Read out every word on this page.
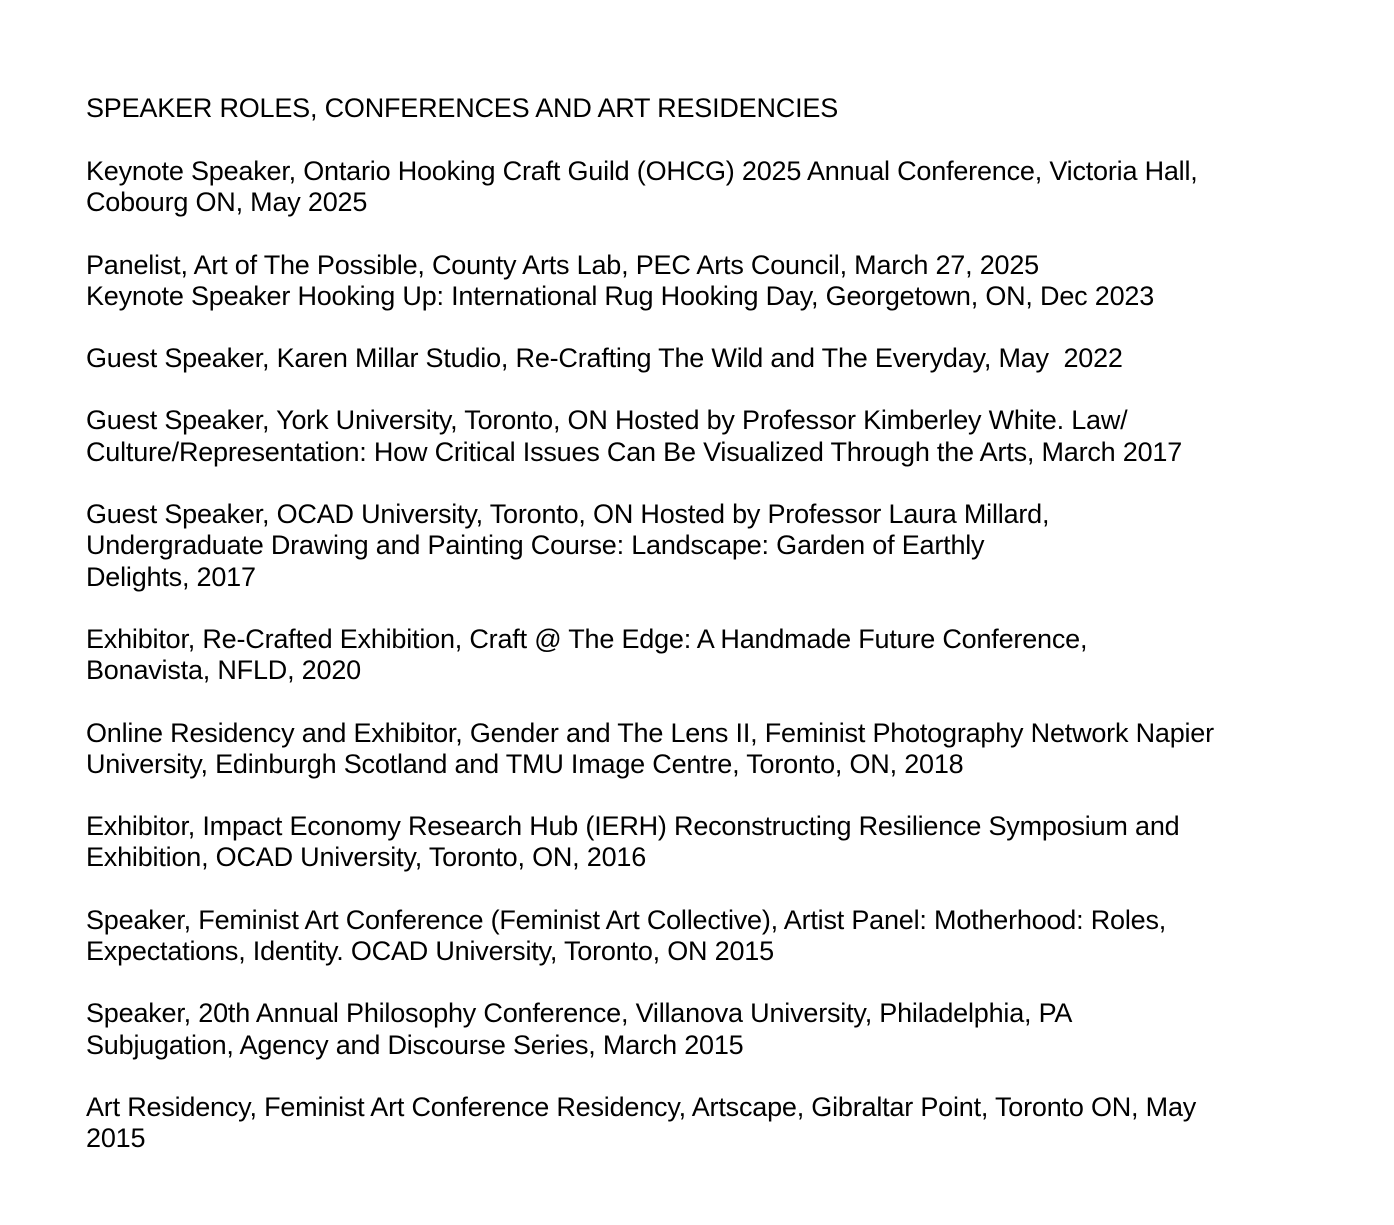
SPEAKER ROLES, CONFERENCES AND ART RESIDENCIES
Keynote Speaker, Ontario Hooking Craft Guild (OHCG) 2025 Annual Conference, Victoria Hall,
Cobourg ON, May 2025
Panelist, Art of The Possible, County Arts Lab, PEC Arts Council, March 27, 2025
Keynote Speaker Hooking Up: International Rug Hooking Day, Georgetown, ON, Dec 2023
Guest Speaker, Karen Millar Studio, Re-Crafting The Wild and The Everyday, May  2022
Guest Speaker, York University, Toronto, ON Hosted by Professor Kimberley White. Law/
Culture/Representation: How Critical Issues Can Be Visualized Through the Arts, March 2017
Guest Speaker, OCAD University, Toronto, ON Hosted by Professor Laura Millard,
Undergraduate Drawing and Painting Course: Landscape: Garden of Earthly
Delights, 2017
Exhibitor, Re-Crafted Exhibition, Craft @ The Edge: A Handmade Future Conference,
Bonavista, NFLD, 2020
Online Residency and Exhibitor, Gender and The Lens II, Feminist Photography Network Napier
University, Edinburgh Scotland and TMU Image Centre, Toronto, ON, 2018
Exhibitor, Impact Economy Research Hub (IERH) Reconstructing Resilience Symposium and
Exhibition, OCAD University, Toronto, ON, 2016
Speaker, Feminist Art Conference (Feminist Art Collective), Artist Panel: Motherhood: Roles,
Expectations, Identity. OCAD University, Toronto, ON 2015
Speaker, 20th Annual Philosophy Conference, Villanova University, Philadelphia, PA
Subjugation, Agency and Discourse Series, March 2015
Art Residency, Feminist Art Conference Residency, Artscape, Gibraltar Point, Toronto ON, May
2015
